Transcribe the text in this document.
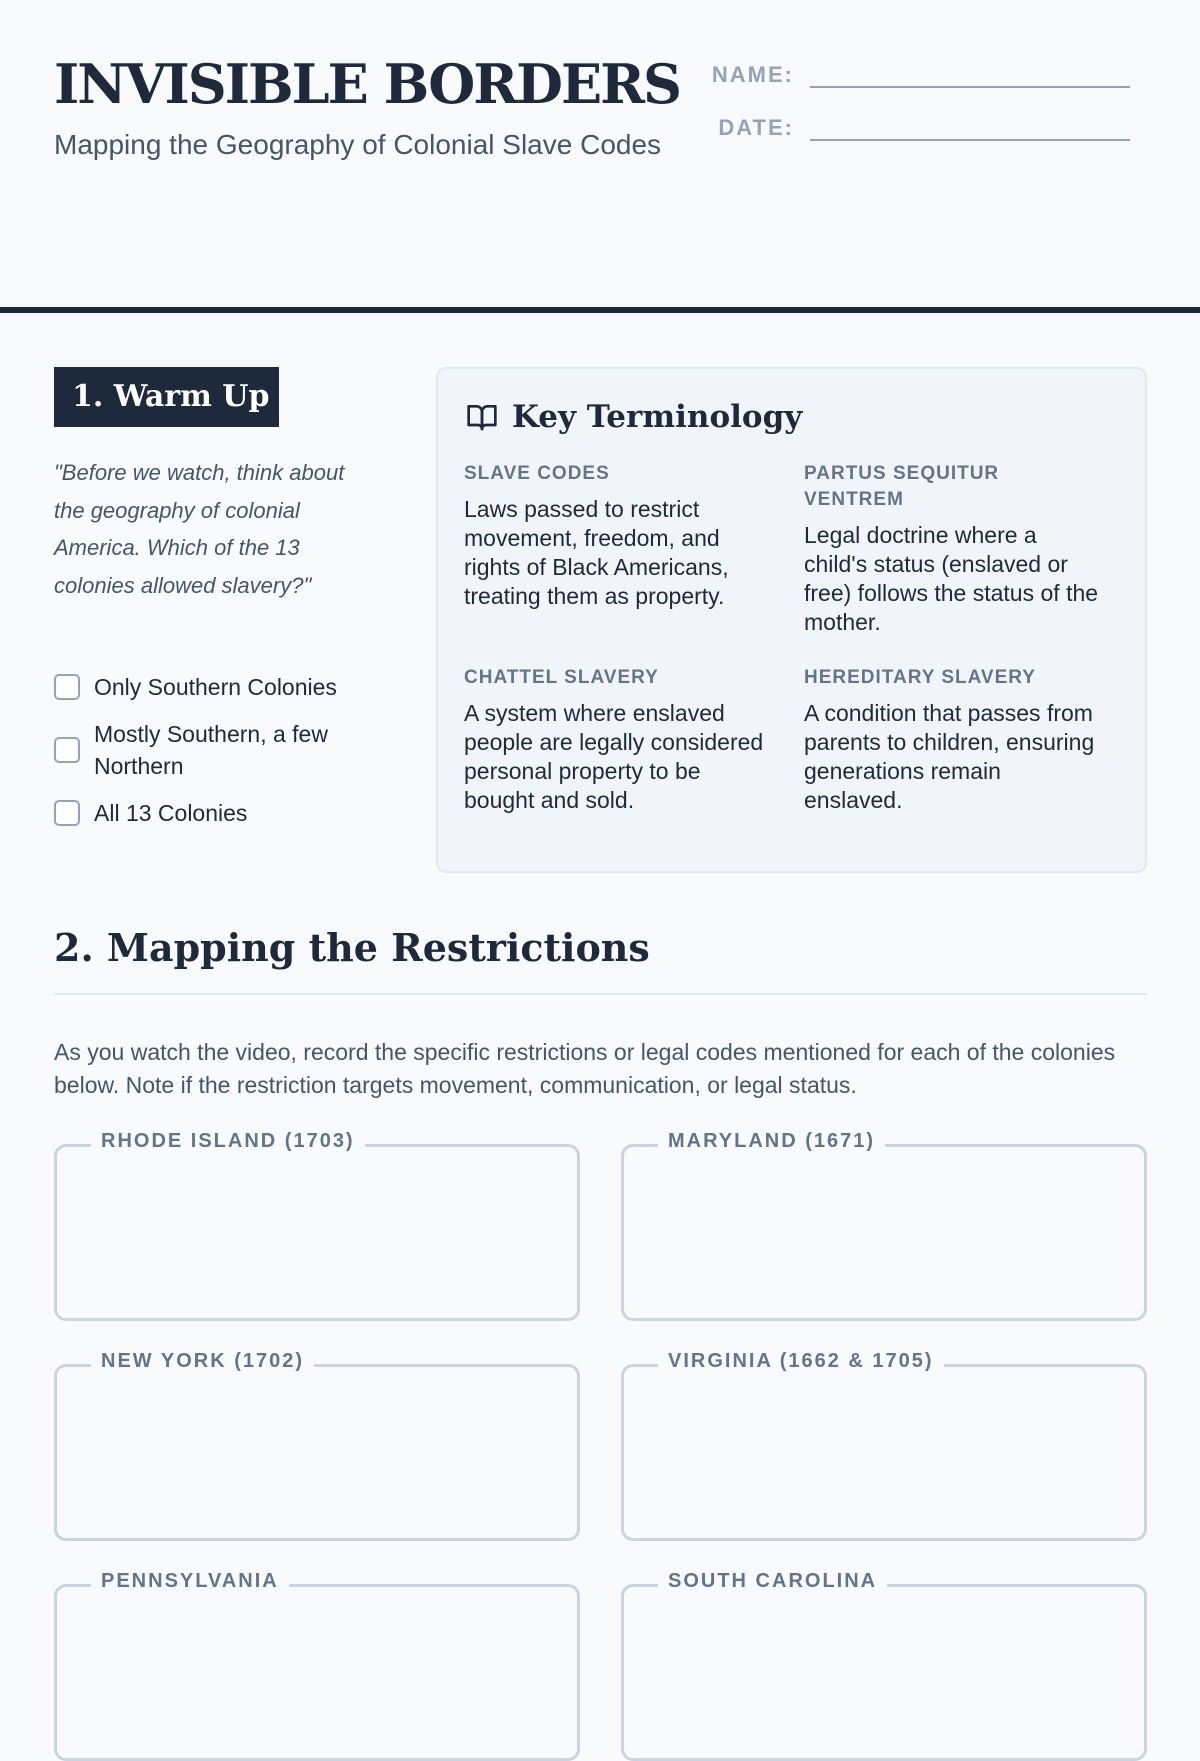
INVISIBLE BORDERS

Mapping the Geography of Colonial Slave Codes

NAME:
DATE:
1. Warm Up

"Before we watch, think about the geography of colonial America. Which of the 13 colonies allowed slavery?"

Only Southern Colonies
Mostly Southern, a few Northern
All 13 Colonies
Key Terminology

SLAVE CODES

Laws passed to restrict movement, freedom, and rights of Black Americans, treating them as property.

PARTUS SEQUITUR VENTREM

Legal doctrine where a child's status (enslaved or free) follows the status of the mother.

CHATTEL SLAVERY

A system where enslaved people are legally considered personal property to be bought and sold.

HEREDITARY SLAVERY

A condition that passes from parents to children, ensuring generations remain enslaved.

2. Mapping the Restrictions

As you watch the video, record the specific restrictions or legal codes mentioned for each of the colonies below. Note if the restriction targets movement, communication, or legal status.

RHODE ISLAND (1703)	MARYLAND (1671)
NEW YORK (1702)	VIRGINIA (1662 & 1705)
PENNSYLVANIA	SOUTH CAROLINA
